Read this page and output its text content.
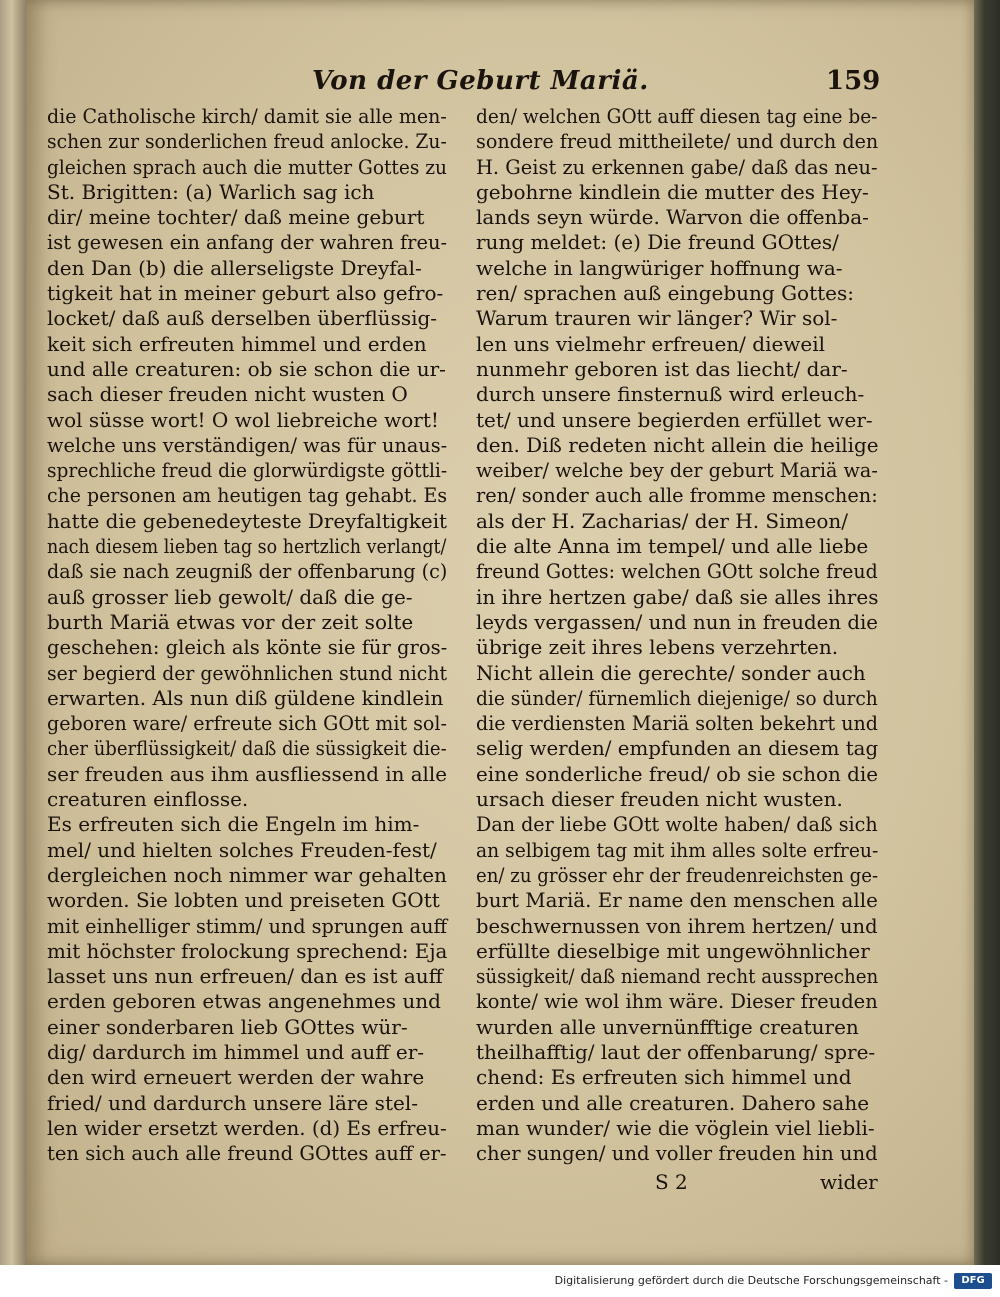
Von der Geburt Mariä.	159
die Catholische kirch/ damit sie alle men-
schen zur sonderlichen freud anlocke. Zu-
gleichen sprach auch die mutter Gottes zu
St. Brigitten: (a) Warlich sag ich
dir/ meine tochter/ daß meine geburt
ist gewesen ein anfang der wahren freu-
den Dan (b) die allerseligste Dreyfal-
tigkeit hat in meiner geburt also gefro-
locket/ daß auß derselben überflüssig-
keit sich erfreuten himmel und erden
und alle creaturen: ob sie schon die ur-
sach dieser freuden nicht wusten O
wol süsse wort! O wol liebreiche wort!
welche uns verständigen/ was für unaus-
sprechliche freud die glorwürdigste göttli-
che personen am heutigen tag gehabt. Es
hatte die gebenedeyteste Dreyfaltigkeit
nach diesem lieben tag so hertzlich verlangt/
daß sie nach zeugniß der offenbarung (c)
auß grosser lieb gewolt/ daß die ge-
burth Mariä etwas vor der zeit solte
geschehen: gleich als könte sie für gros-
ser begierd der gewöhnlichen stund nicht
erwarten. Als nun diß güldene kindlein
geboren ware/ erfreute sich GOtt mit sol-
cher überflüssigkeit/ daß die süssigkeit die-
ser freuden aus ihm ausfliessend in alle
creaturen einflosse.
Es erfreuten sich die Engeln im him-
mel/ und hielten solches Freuden-fest/
dergleichen noch nimmer war gehalten
worden. Sie lobten und preiseten GOtt
mit einhelliger stimm/ und sprungen auff
mit höchster frolockung sprechend: Eja
lasset uns nun erfreuen/ dan es ist auff
erden geboren etwas angenehmes und
einer sonderbaren lieb GOttes wür-
dig/ dardurch im himmel und auff er-
den wird erneuert werden der wahre
fried/ und dardurch unsere läre stel-
len wider ersetzt werden. (d) Es erfreu-
ten sich auch alle freund GOttes auff er-
den/ welchen GOtt auff diesen tag eine be-
sondere freud mittheilete/ und durch den
H. Geist zu erkennen gabe/ daß das neu-
gebohrne kindlein die mutter des Hey-
lands seyn würde. Warvon die offenba-
rung meldet: (e) Die freund GOttes/
welche in langwüriger hoffnung wa-
ren/ sprachen auß eingebung Gottes:
Warum trauren wir länger? Wir sol-
len uns vielmehr erfreuen/ dieweil
nunmehr geboren ist das liecht/ dar-
durch unsere finsternuß wird erleuch-
tet/ und unsere begierden erfüllet wer-
den. Diß redeten nicht allein die heilige
weiber/ welche bey der geburt Mariä wa-
ren/ sonder auch alle fromme menschen:
als der H. Zacharias/ der H. Simeon/
die alte Anna im tempel/ und alle liebe
freund Gottes: welchen GOtt solche freud
in ihre hertzen gabe/ daß sie alles ihres
leyds vergassen/ und nun in freuden die
übrige zeit ihres lebens verzehrten.
Nicht allein die gerechte/ sonder auch
die sünder/ fürnemlich diejenige/ so durch
die verdiensten Mariä solten bekehrt und
selig werden/ empfunden an diesem tag
eine sonderliche freud/ ob sie schon die
ursach dieser freuden nicht wusten.
Dan der liebe GOtt wolte haben/ daß sich
an selbigem tag mit ihm alles solte erfreu-
en/ zu grösser ehr der freudenreichsten ge-
burt Mariä. Er name den menschen alle
beschwernussen von ihrem hertzen/ und
erfüllte dieselbige mit ungewöhnlicher
süssigkeit/ daß niemand recht aussprechen
konte/ wie wol ihm wäre. Dieser freuden
wurden alle unvernünfftige creaturen
theilhafftig/ laut der offenbarung/ spre-
chend: Es erfreuten sich himmel und
erden und alle creaturen. Dahero sahe
man wunder/ wie die vöglein viel liebli-
cher sungen/ und voller freuden hin und
S 2	wider
Digitalisierung gefördert durch die Deutsche Forschungsgemeinschaft -	DFG
